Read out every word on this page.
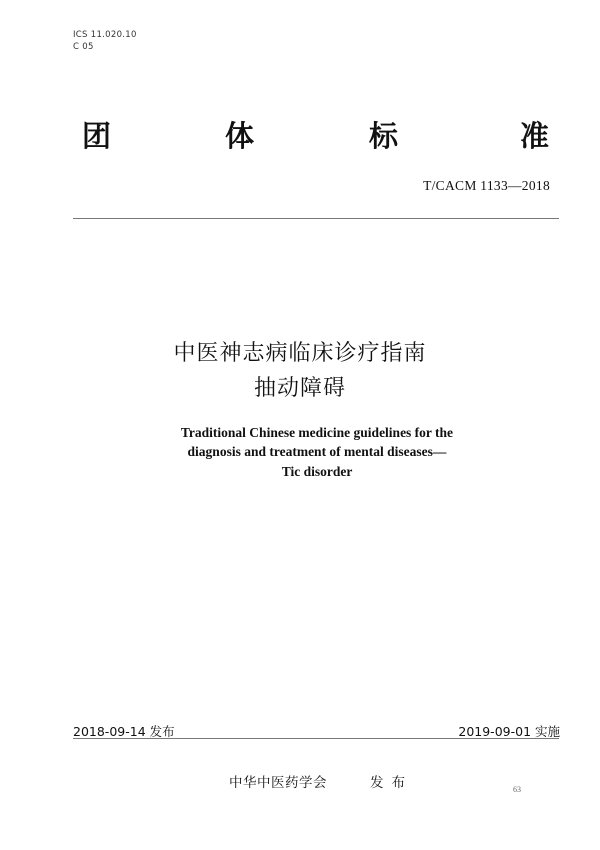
ICS 11.020.10
C 05
团	体	标	准
T/CACM 1133—2018
中医神志病临床诊疗指南
抽动障碍
Traditional Chinese medicine guidelines for the
diagnosis and treatment of mental diseases—
Tic disorder
2018-09-14 发布	2019-09-01 实施
中华中医药学会	发布	63
